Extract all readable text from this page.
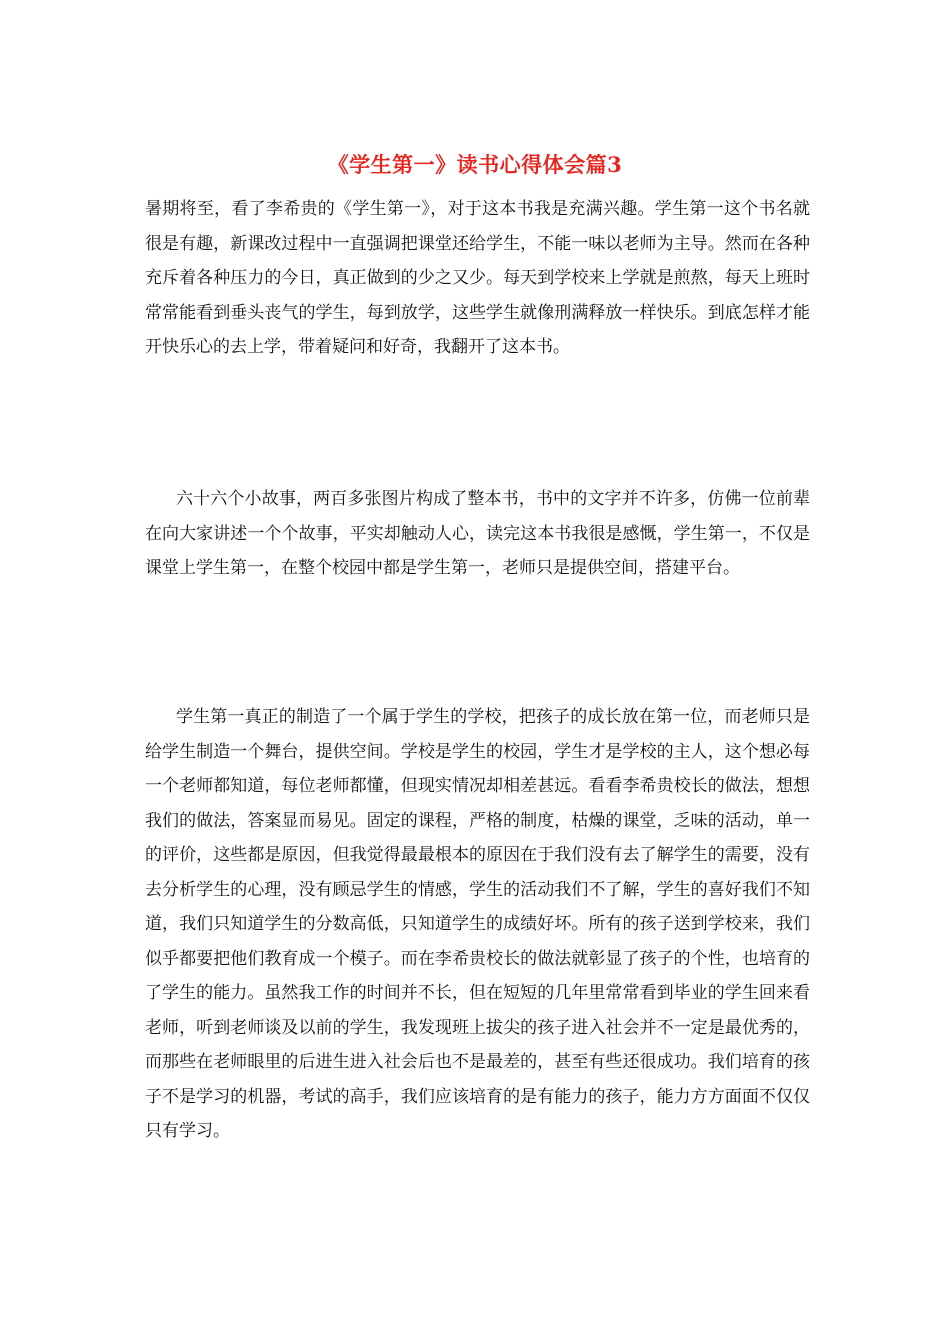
《学生第一》读书心得体会篇3

暑期将至，看了李希贵的《学生第一》，对于这本书我是充满兴趣。学生第一这个书名就很是有趣，新课改过程中一直强调把课堂还给学生，不能一味以老师为主导。然而在各种充斥着各种压力的今日，真正做到的少之又少。每天到学校来上学就是煎熬，每天上班时常常能看到垂头丧气的学生，每到放学，这些学生就像刑满释放一样快乐。到底怎样才能开快乐心的去上学，带着疑问和好奇，我翻开了这本书。

六十六个小故事，两百多张图片构成了整本书，书中的文字并不许多，仿佛一位前辈在向大家讲述一个个故事，平实却触动人心，读完这本书我很是感慨，学生第一，不仅是课堂上学生第一，在整个校园中都是学生第一，老师只是提供空间，搭建平台。

学生第一真正的制造了一个属于学生的学校，把孩子的成长放在第一位，而老师只是给学生制造一个舞台，提供空间。学校是学生的校园，学生才是学校的主人，这个想必每一个老师都知道，每位老师都懂，但现实情况却相差甚远。看看李希贵校长的做法，想想我们的做法，答案显而易见。固定的课程，严格的制度，枯燥的课堂，乏味的活动，单一的评价，这些都是原因，但我觉得最最根本的原因在于我们没有去了解学生的需要，没有去分析学生的心理，没有顾忌学生的情感，学生的活动我们不了解，学生的喜好我们不知道，我们只知道学生的分数高低，只知道学生的成绩好坏。所有的孩子送到学校来，我们似乎都要把他们教育成一个模子。而在李希贵校长的做法就彰显了孩子的个性，也培育的了学生的能力。虽然我工作的时间并不长，但在短短的几年里常常看到毕业的学生回来看老师，听到老师谈及以前的学生，我发现班上拔尖的孩子进入社会并不一定是最优秀的，而那些在老师眼里的后进生进入社会后也不是最差的，甚至有些还很成功。我们培育的孩子不是学习的机器，考试的高手，我们应该培育的是有能力的孩子，能力方方面面不仅仅只有学习。
